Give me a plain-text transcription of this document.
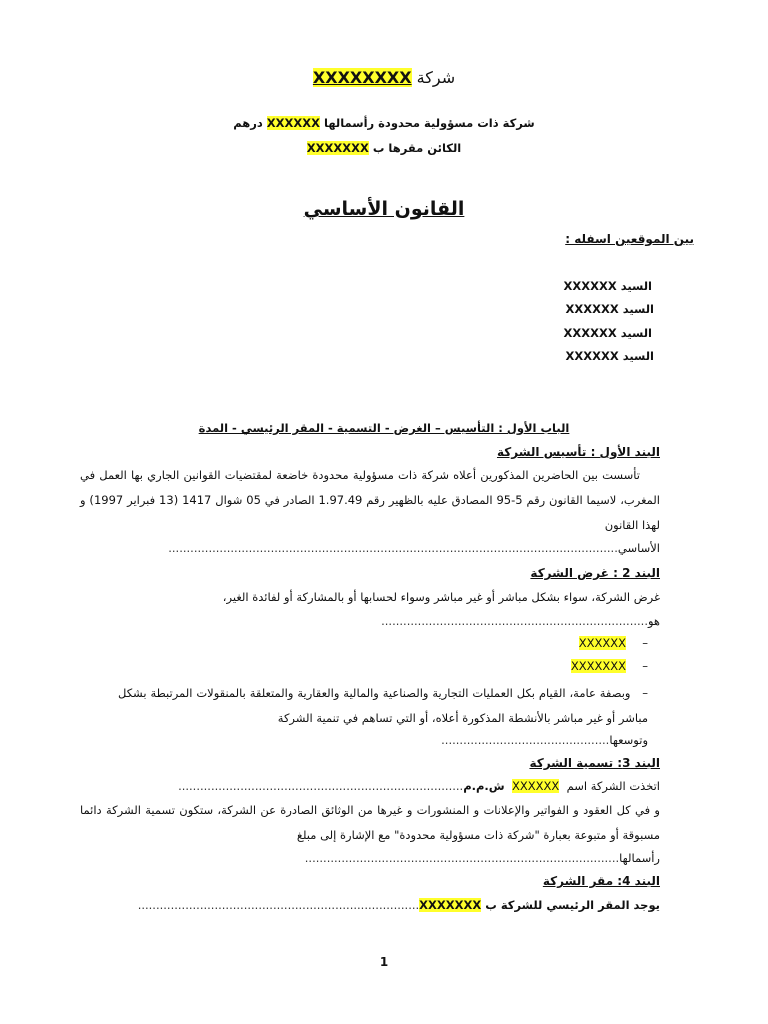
شركة XXXXXXXX
شركة ذات مسؤولية محدودة رأسمالها XXXXXX درهم
الكائن مقرها ب XXXXXXX
القانون الأساسي
بين الموقعين اسفله :
السيد XXXXXX
السيد XXXXXX
السيد XXXXXX
السيد XXXXXX
الباب الأول : التأسيس – الغرض - التسمية - المقر الرئيسي - المدة
البند الأول : تأسيس الشركة
تأسست بين الحاضرين المذكورين أعلاه شركة ذات مسؤولية محدودة خاضعة لمقتضيات القوانين الجاري بها العمل في المغرب، لاسيما القانون رقم 5-95 المصادق عليه بالظهير رقم 1.97.49 الصادر في 05 شوال 1417 (13 فبراير 1997) و لهذا القانون
الأساسي...........................................................................................................................
البند 2 : غرض الشركة
غرض الشركة، سواء بشكل مباشر أو غير مباشر وسواء لحسابها أو بالمشاركة أو لفائدة الغير،
هو.........................................................................
–XXXXXX
–XXXXXXX
–   وبصفة عامة، القيام بكل العمليات التجارية والصناعية والمالية والعقارية والمتعلقة بالمنقولات المرتبطة بشكل مباشر أو غير مباشر بالأنشطة المذكورة أعلاه، أو التي تساهم في تنمية الشركة
وتوسعها..............................................
البند 3: تسمية الشركة
اتخذت الشركة اسم  XXXXXX  ش.م.م..............................................................................
و في كل العقود و الفواتير والإعلانات و المنشورات و غيرها من الوثائق الصادرة عن الشركة، ستكون تسمية الشركة دائما مسبوقة أو متبوعة بعبارة "شركة ذات مسؤولية محدودة" مع الإشارة إلى مبلغ
رأسمالها......................................................................................
البند 4: مقر الشركة
يوجد المقر الرئيسي للشركة ب XXXXXXX.............................................................................
1
